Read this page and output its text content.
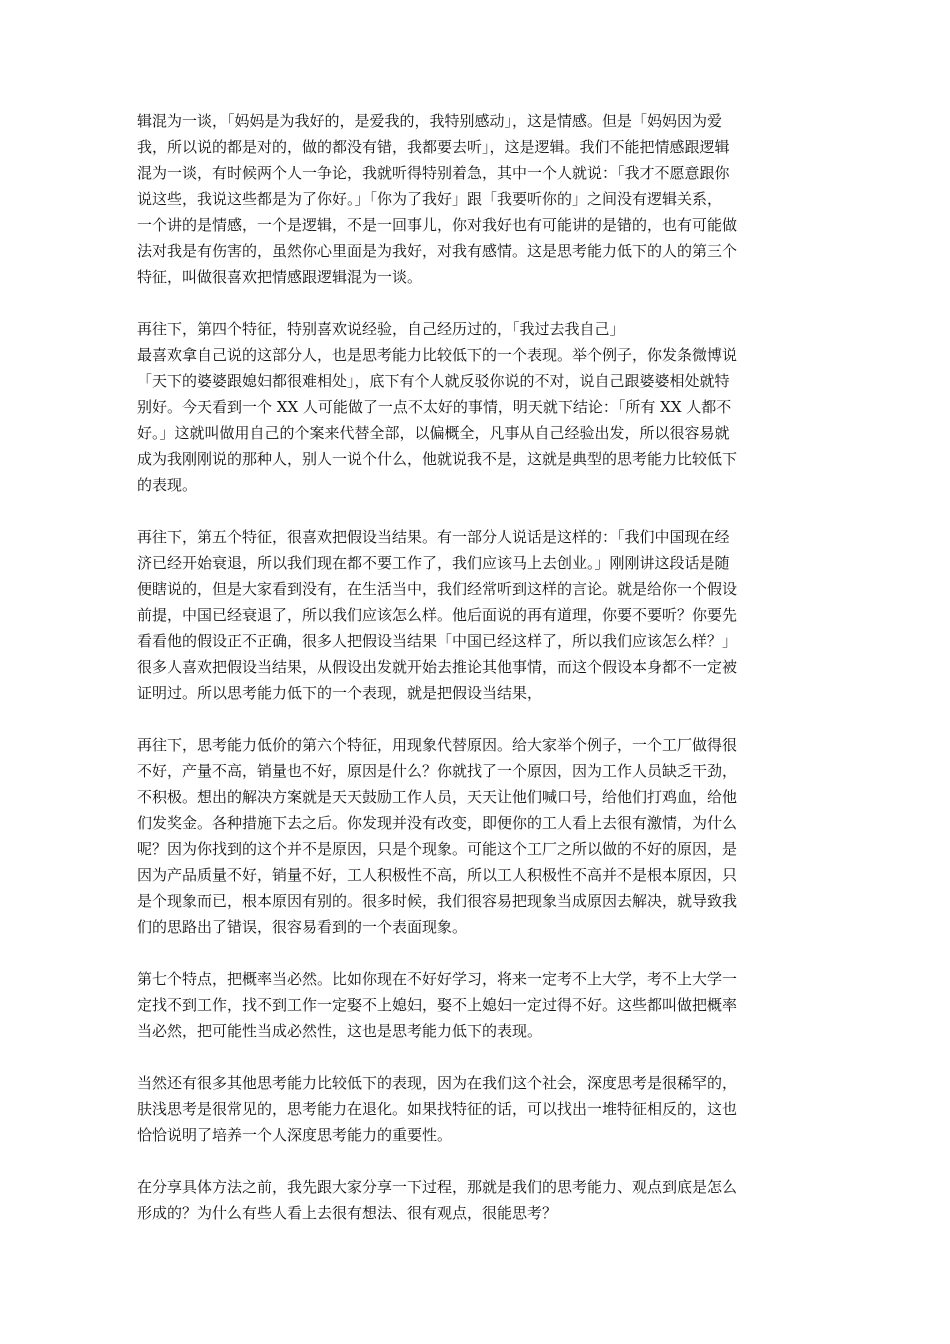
辑混为一谈，「妈妈是为我好的，是爱我的，我特别感动」，这是情感。但是「妈妈因为爱
我，所以说的都是对的，做的都没有错，我都要去听」，这是逻辑。我们不能把情感跟逻辑
混为一谈，有时候两个人一争论，我就听得特别着急，其中一个人就说：「我才不愿意跟你
说这些，我说这些都是为了你好。」「你为了我好」跟「我要听你的」之间没有逻辑关系，
一个讲的是情感，一个是逻辑，不是一回事儿，你对我好也有可能讲的是错的，也有可能做
法对我是有伤害的，虽然你心里面是为我好，对我有感情。这是思考能力低下的人的第三个
特征，叫做很喜欢把情感跟逻辑混为一谈。

再往下，第四个特征，特别喜欢说经验，自己经历过的，「我过去我自己」
最喜欢拿自己说的这部分人，也是思考能力比较低下的一个表现。举个例子，你发条微博说
「天下的婆婆跟媳妇都很难相处」，底下有个人就反驳你说的不对，说自己跟婆婆相处就特
别好。今天看到一个 XX 人可能做了一点不太好的事情，明天就下结论：「所有 XX 人都不
好。」这就叫做用自己的个案来代替全部，以偏概全，凡事从自己经验出发，所以很容易就
成为我刚刚说的那种人，别人一说个什么，他就说我不是，这就是典型的思考能力比较低下
的表现。

再往下，第五个特征，很喜欢把假设当结果。有一部分人说话是这样的：「我们中国现在经
济已经开始衰退，所以我们现在都不要工作了，我们应该马上去创业。」刚刚讲这段话是随
便瞎说的，但是大家看到没有，在生活当中，我们经常听到这样的言论。就是给你一个假设
前提，中国已经衰退了，所以我们应该怎么样。他后面说的再有道理，你要不要听？你要先
看看他的假设正不正确，很多人把假设当结果「中国已经这样了，所以我们应该怎么样？」
很多人喜欢把假设当结果，从假设出发就开始去推论其他事情，而这个假设本身都不一定被
证明过。所以思考能力低下的一个表现，就是把假设当结果，

再往下，思考能力低价的第六个特征，用现象代替原因。给大家举个例子，一个工厂做得很
不好，产量不高，销量也不好，原因是什么？你就找了一个原因，因为工作人员缺乏干劲，
不积极。想出的解决方案就是天天鼓励工作人员，天天让他们喊口号，给他们打鸡血，给他
们发奖金。各种措施下去之后。你发现并没有改变，即便你的工人看上去很有激情，为什么
呢？因为你找到的这个并不是原因，只是个现象。可能这个工厂之所以做的不好的原因，是
因为产品质量不好，销量不好，工人积极性不高，所以工人积极性不高并不是根本原因，只
是个现象而已，根本原因有别的。很多时候，我们很容易把现象当成原因去解决，就导致我
们的思路出了错误，很容易看到的一个表面现象。

第七个特点，把概率当必然。比如你现在不好好学习，将来一定考不上大学，考不上大学一
定找不到工作，找不到工作一定娶不上媳妇，娶不上媳妇一定过得不好。这些都叫做把概率
当必然，把可能性当成必然性，这也是思考能力低下的表现。

当然还有很多其他思考能力比较低下的表现，因为在我们这个社会，深度思考是很稀罕的，
肤浅思考是很常见的，思考能力在退化。如果找特征的话，可以找出一堆特征相反的，这也
恰恰说明了培养一个人深度思考能力的重要性。

在分享具体方法之前，我先跟大家分享一下过程，那就是我们的思考能力、观点到底是怎么
形成的？为什么有些人看上去很有想法、很有观点，很能思考？
